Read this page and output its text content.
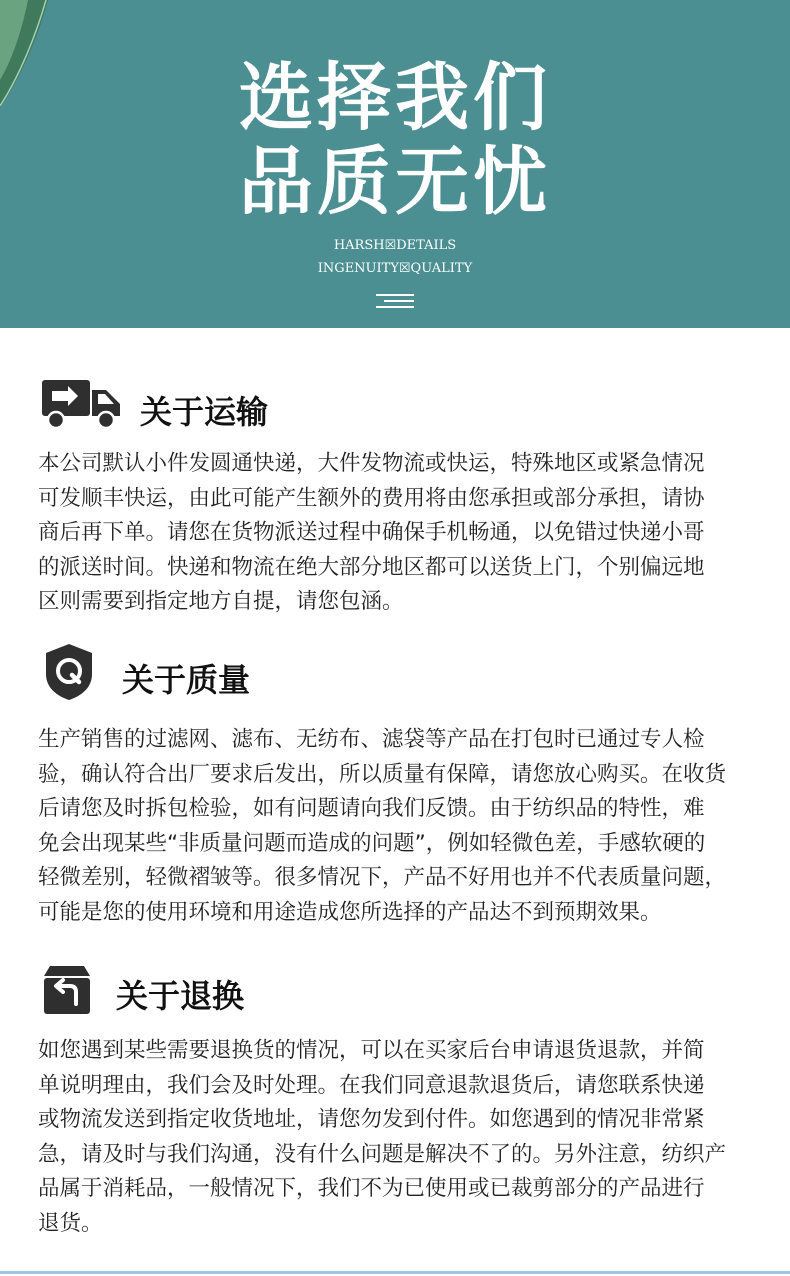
选择我们
品质无忧
HARSH☒DETAILS
INGENUITY☒QUALITY
关于运输
本公司默认小件发圆通快递，大件发物流或快运，特殊地区或紧急情况
可发顺丰快运，由此可能产生额外的费用将由您承担或部分承担，请协
商后再下单。请您在货物派送过程中确保手机畅通，以免错过快递小哥
的派送时间。快递和物流在绝大部分地区都可以送货上门，个别偏远地
区则需要到指定地方自提，请您包涵。
关于质量
生产销售的过滤网、滤布、无纺布、滤袋等产品在打包时已通过专人检
验，确认符合出厂要求后发出，所以质量有保障，请您放心购买。在收货
后请您及时拆包检验，如有问题请向我们反馈。由于纺织品的特性，难
免会出现某些“非质量问题而造成的问题”，例如轻微色差，手感软硬的
轻微差别，轻微褶皱等。很多情况下，产品不好用也并不代表质量问题，
可能是您的使用环境和用途造成您所选择的产品达不到预期效果。
关于退换
如您遇到某些需要退换货的情况，可以在买家后台申请退货退款，并简
单说明理由，我们会及时处理。在我们同意退款退货后，请您联系快递
或物流发送到指定收货地址，请您勿发到付件。如您遇到的情况非常紧
急，请及时与我们沟通，没有什么问题是解决不了的。另外注意，纺织产
品属于消耗品，一般情况下，我们不为已使用或已裁剪部分的产品进行
退货。
